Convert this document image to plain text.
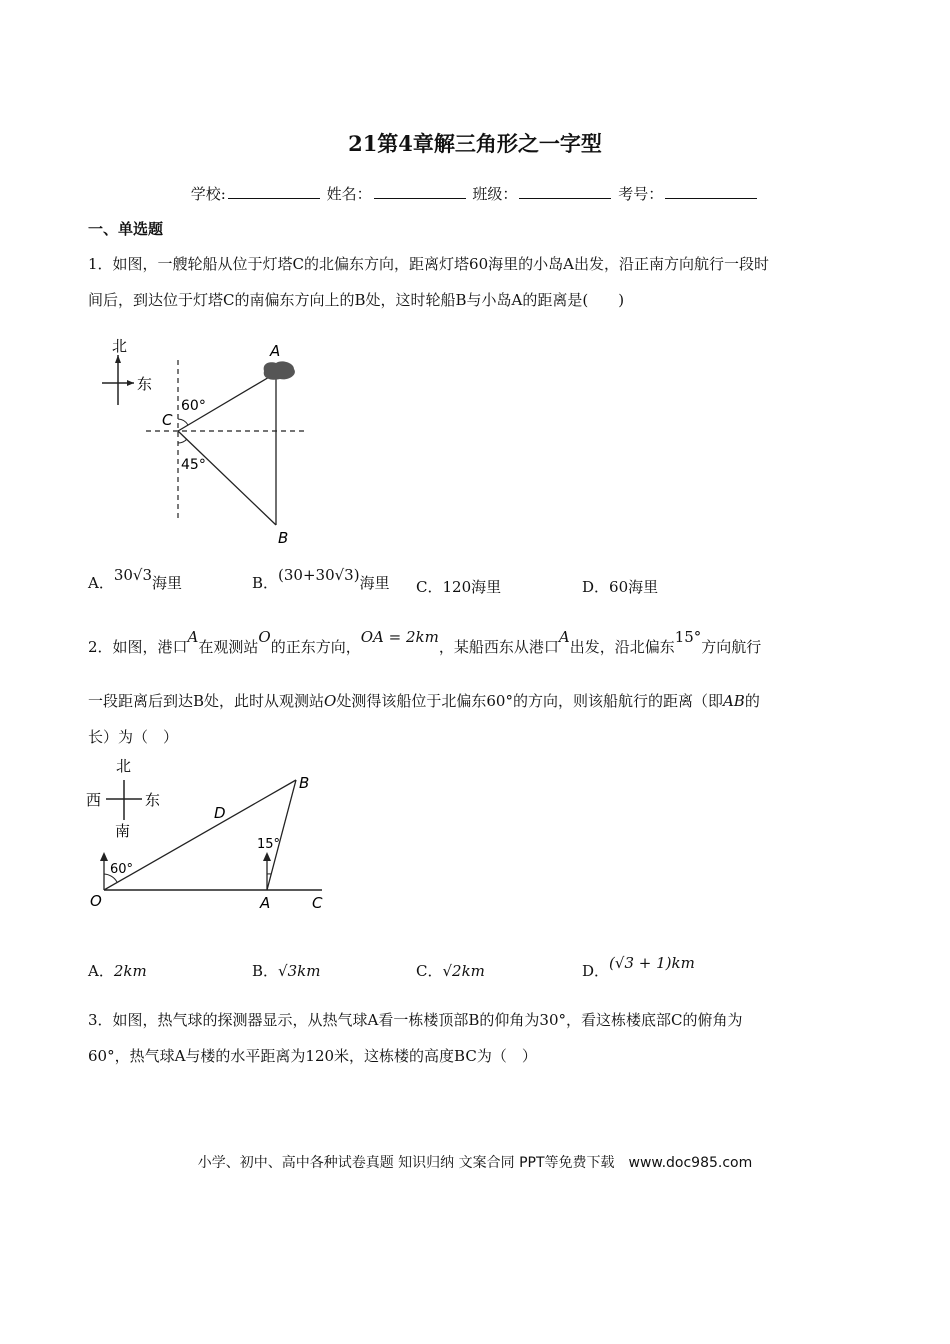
21第4章解三角形之一字型
学校:	姓名：	班级：	考号：
一、单选题
1．如图，一艘轮船从位于灯塔C的北偏东方向，距离灯塔60海里的小岛A出发，沿正南方向航行一段时
间后，到达位于灯塔C的南偏东方向上的B处，这时轮船B与小岛A的距离是(　　)
北
东
A
B
C
60°
45°
A．30√3海里	B．(30+30√3)海里 C．120海里	D．60海里
2．如图，港口A在观测站O的正东方向，OA = 2km，某船西东从港口A出发，沿北偏东15°方向航行
一段距离后到达B处，此时从观测站O处测得该船位于北偏东60°的方向，则该船航行的距离（即AB的
长）为（　）
北
西	东
南
60°
15°
O	A	C
B
D
A．2km	B．√3km	C．√2km	D．(√3 + 1)km
3．如图，热气球的探测器显示，从热气球A看一栋楼顶部B的仰角为30°，看这栋楼底部C的俯角为
60°，热气球A与楼的水平距离为120米，这栋楼的高度BC为（　）
小学、初中、高中各种试卷真题 知识归纳 文案合同 PPT等免费下载　www.doc985.com
